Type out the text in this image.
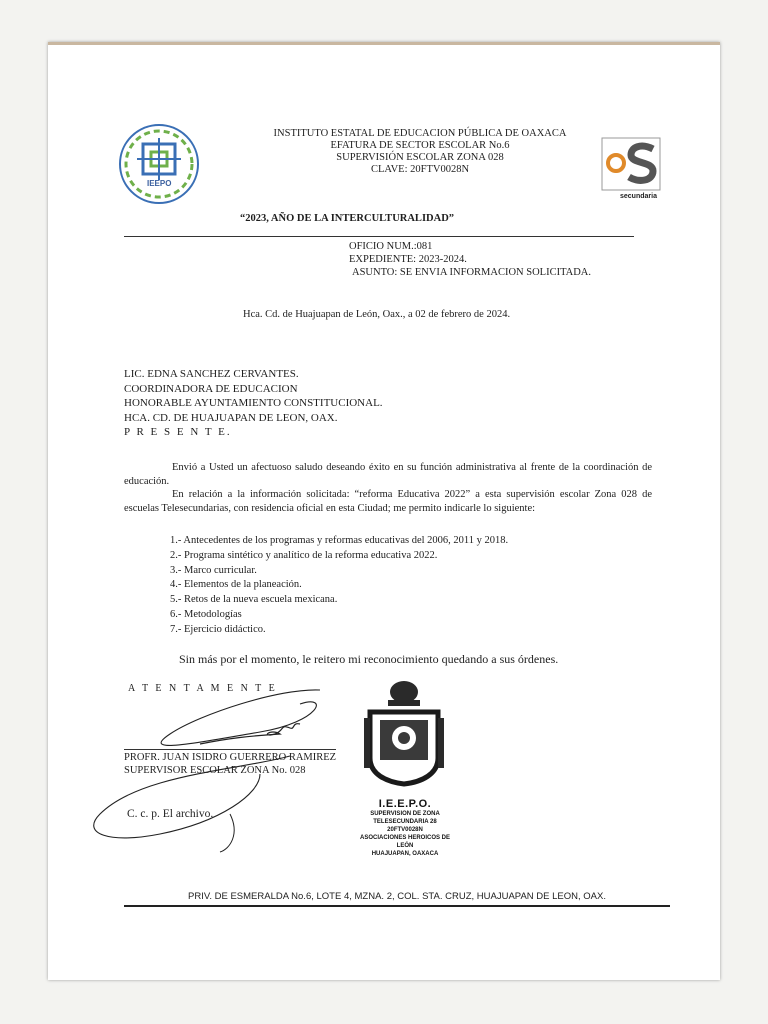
IEEPO
secundaria
INSTITUTO ESTATAL DE EDUCACION PÚBLICA DE OAXACA
EFATURA DE SECTOR ESCOLAR No.6
SUPERVISIÓN ESCOLAR ZONA 028
CLAVE: 20FTV0028N
“2023, AÑO DE LA INTERCULTURALIDAD”
OFICIO NUM.:081
EXPEDIENTE: 2023-2024.
ASUNTO: SE ENVIA INFORMACION SOLICITADA.
Hca. Cd. de Huajuapan de León, Oax., a 02 de febrero de 2024.
LIC. EDNA SANCHEZ CERVANTES.
COORDINADORA DE EDUCACION
HONORABLE AYUNTAMIENTO CONSTITUCIONAL.
HCA. CD. DE HUAJUAPAN DE LEON, OAX.
P R E S E N T E.

Envió a Usted un afectuoso saludo deseando éxito en su función administrativa al frente de la coordinación de educación.

En relación a la información solicitada: “reforma Educativa 2022” a esta supervisión escolar Zona 028 de escuelas Telesecundarias, con residencia oficial en esta Ciudad; me permito indicarle lo siguiente:

1.- Antecedentes de los programas y reformas educativas del 2006, 2011 y 2018.
2.- Programa sintético y analítico de la reforma educativa 2022.
3.- Marco curricular.
4.- Elementos de la planeación.
5.- Retos de la nueva escuela mexicana.
6.- Metodologías
7.- Ejercicio didáctico.
Sin más por el momento, le reitero mi reconocimiento quedando a sus órdenes.
A T E N T A M E N T E
PROFR. JUAN ISIDRO GUERRERO RAMIREZ
SUPERVISOR ESCOLAR ZONA No. 028
C. c. p. El archivo.
I.E.E.P.O.
SUPERVISION DE ZONA
TELESECUNDARIA 28
20FTV0028N
ASOCIACIONES HEROICOS DE LEÓN
HUAJUAPAN, OAXACA
PRIV. DE ESMERALDA No.6, LOTE 4, MZNA. 2, COL. STA. CRUZ, HUAJUAPAN DE LEON, OAX.
